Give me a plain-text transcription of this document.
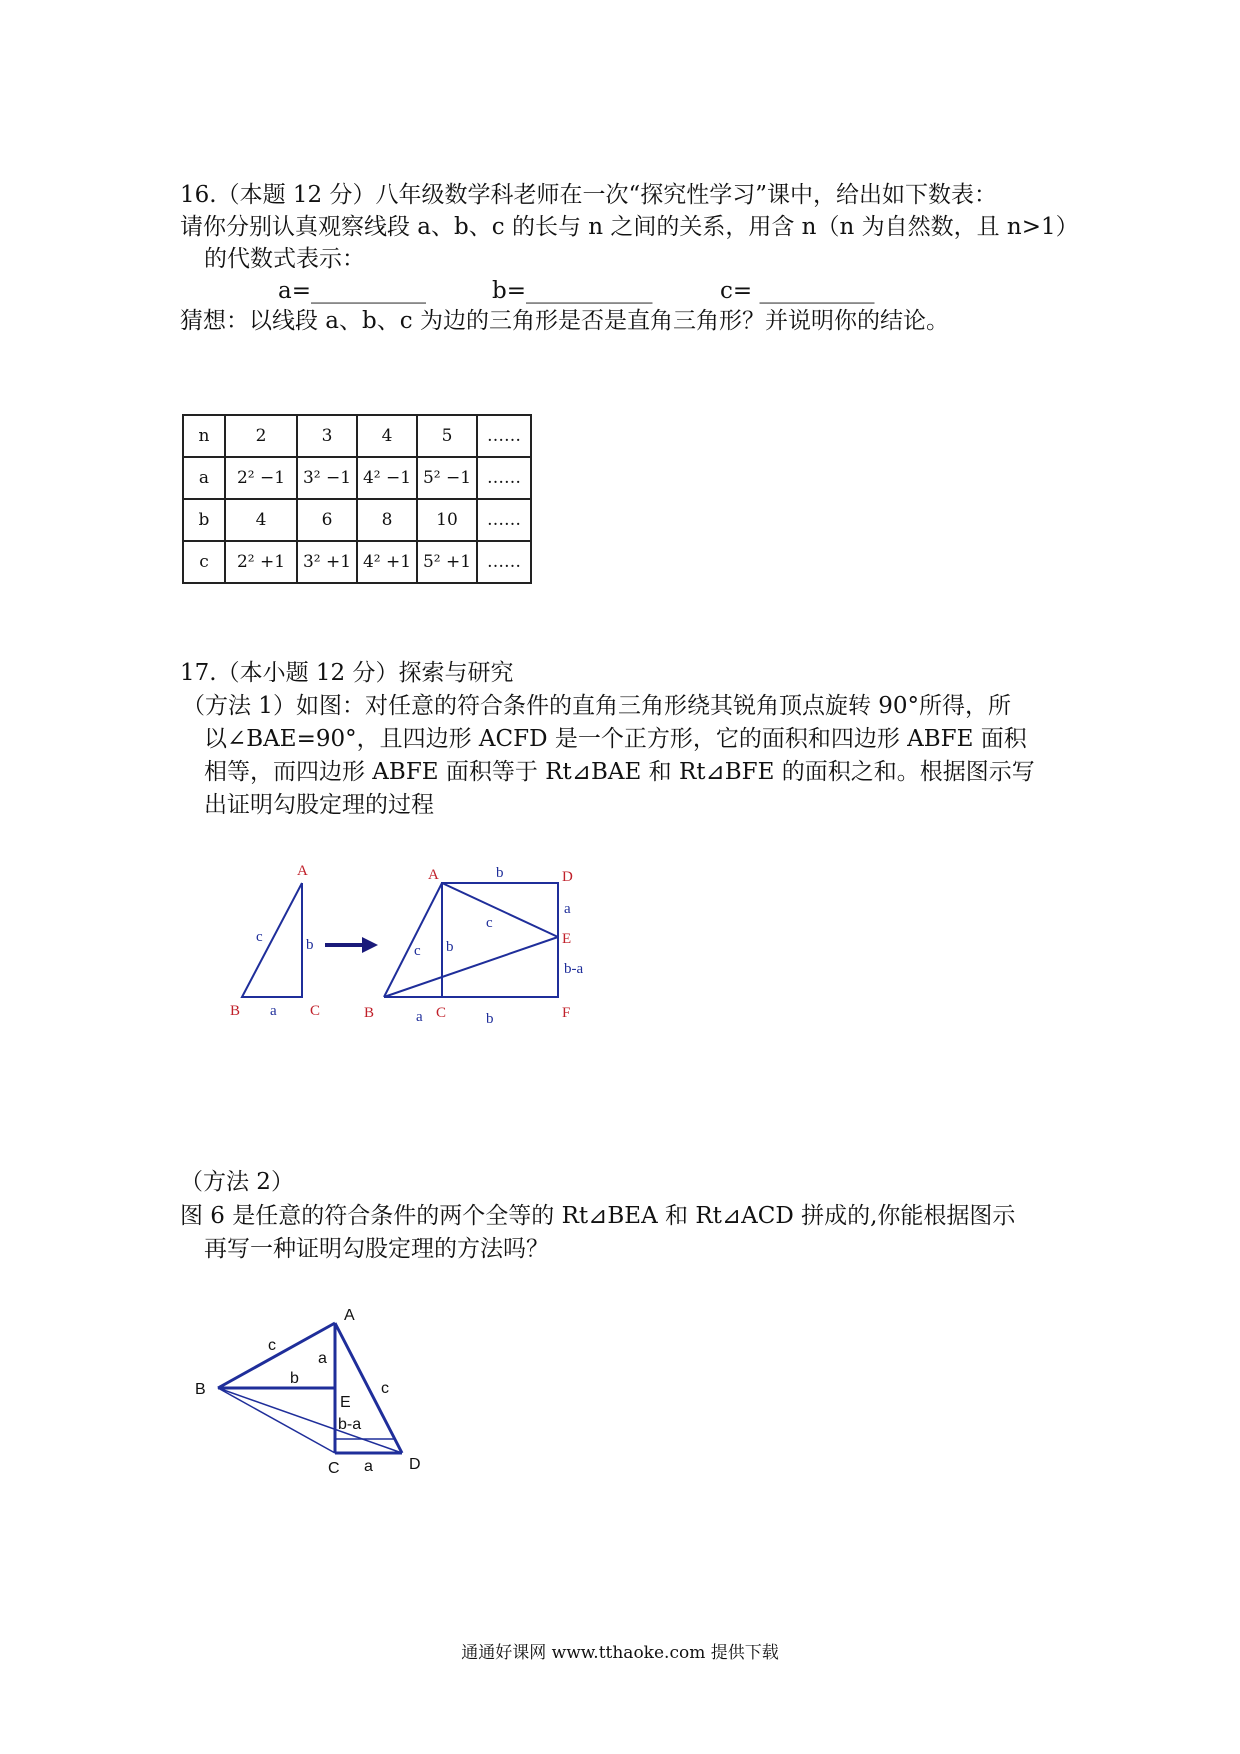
16.（本题 12 分）八年级数学科老师在一次“探究性学习”课中，给出如下数表：
请你分别认真观察线段 a、b、c 的长与 n 之间的关系，用含 n（n 为自然数，且 n>1）
的代数式表示：
a=__________	b=___________	c= __________
猜想：以线段 a、b、c 为边的三角形是否是直角三角形？并说明你的结论。
n	2	3	4	5	……
a	2² −1	3² −1	4² −1	5² −1	……
b	4	6	8	10	……
c	2² +1	3² +1	4² +1	5² +1	……
17.（本小题 12 分）探索与研究
（方法 1）如图：对任意的符合条件的直角三角形绕其锐角顶点旋转 90°所得，所
以∠BAE=90°，且四边形 ACFD 是一个正方形，它的面积和四边形 ABFE 面积
相等，而四边形 ABFE 面积等于 Rt⊿BAE 和 Rt⊿BFE 的面积之和。根据图示写
出证明勾股定理的过程
A
B	C
a
b
c
A	D
E
F
B	C
b
a
b-a
c
c b
a	b
（方法 2）
图 6 是任意的符合条件的两个全等的 Rt⊿BEA 和 Rt⊿ACD 拼成的,你能根据图示
再写一种证明勾股定理的方法吗？
A
B
C	D
E
c
a
b
c
b-a
a
通通好课网 www.tthaoke.com 提供下载
